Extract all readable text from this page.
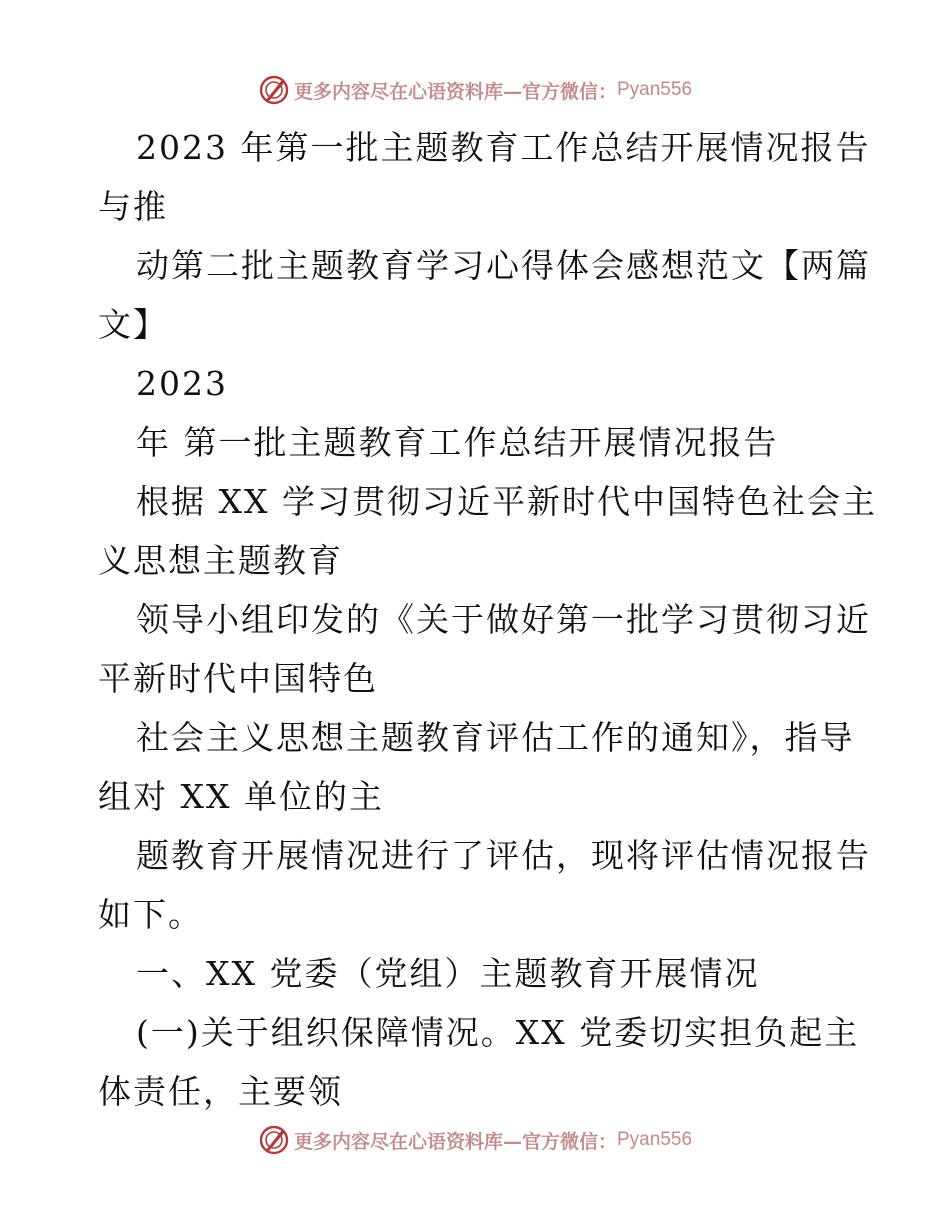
更多内容尽在心语资料库—官方微信： Pyan556
2023 年第一批主题教育工作总结开展情况报告
与推
动第二批主题教育学习心得体会感想范文【两篇
文】
2023
年 第一批主题教育工作总结开展情况报告
根据 XX 学习贯彻习近平新时代中国特色社会主
义思想主题教育
领导小组印发的《关于做好第一批学习贯彻习近
平新时代中国特色
社会主义思想主题教育评估工作的通知》，指导
组对 XX 单位的主
题教育开展情况进行了评估，现将评估情况报告
如下。
一、XX 党委（党组）主题教育开展情况
(一)关于组织保障情况。XX 党委切实担负起主
体责任，主要领
更多内容尽在心语资料库—官方微信： Pyan556
